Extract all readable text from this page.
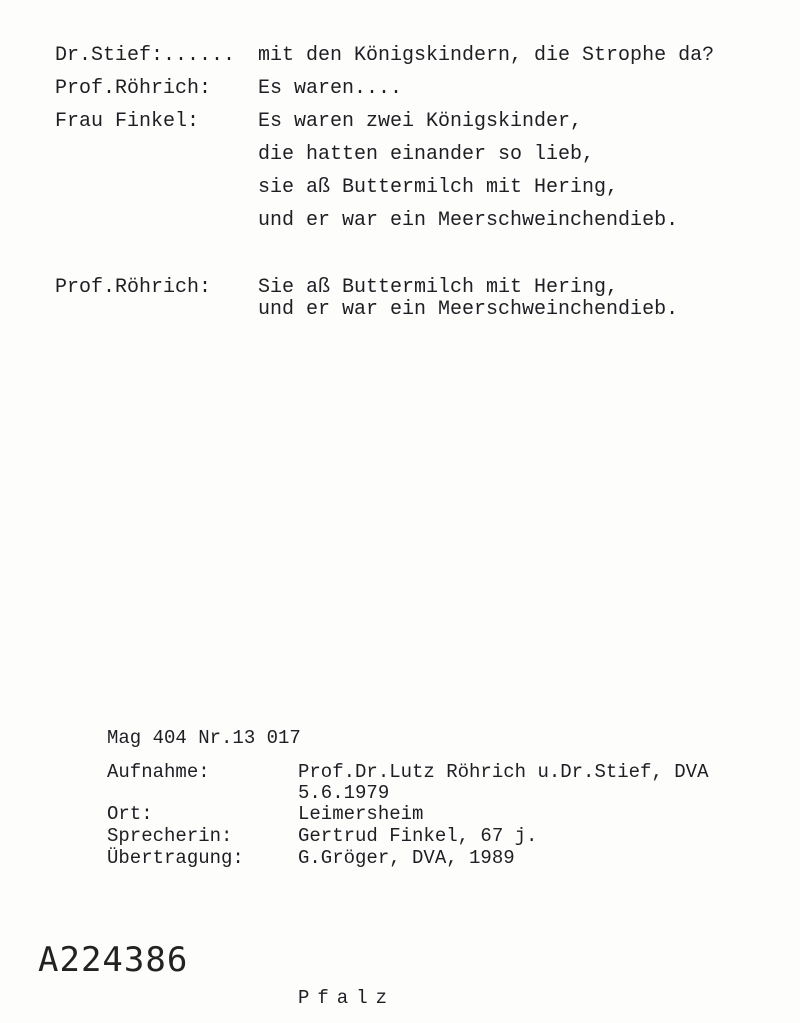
Dr.Stief:...... mit den Königskindern, die Strophe da?
Prof.Röhrich: Es waren....
Frau Finkel:	Es waren zwei Königskinder,
die hatten einander so lieb,
sie aß Buttermilch mit Hering,
und er war ein Meerschweinchendieb.
Prof.Röhrich: Sie aß Buttermilch mit Hering,
und er war ein Meerschweinchendieb.
Mag 404 Nr.13 017
Aufnahme:	Prof.Dr.Lutz Röhrich u.Dr.Stief, DVA
5.6.1979
Ort:	Leimersheim
Sprecherin:	Gertrud Finkel, 67 j.
Übertragung:	G.Gröger, DVA, 1989
A224386
Pfalz
